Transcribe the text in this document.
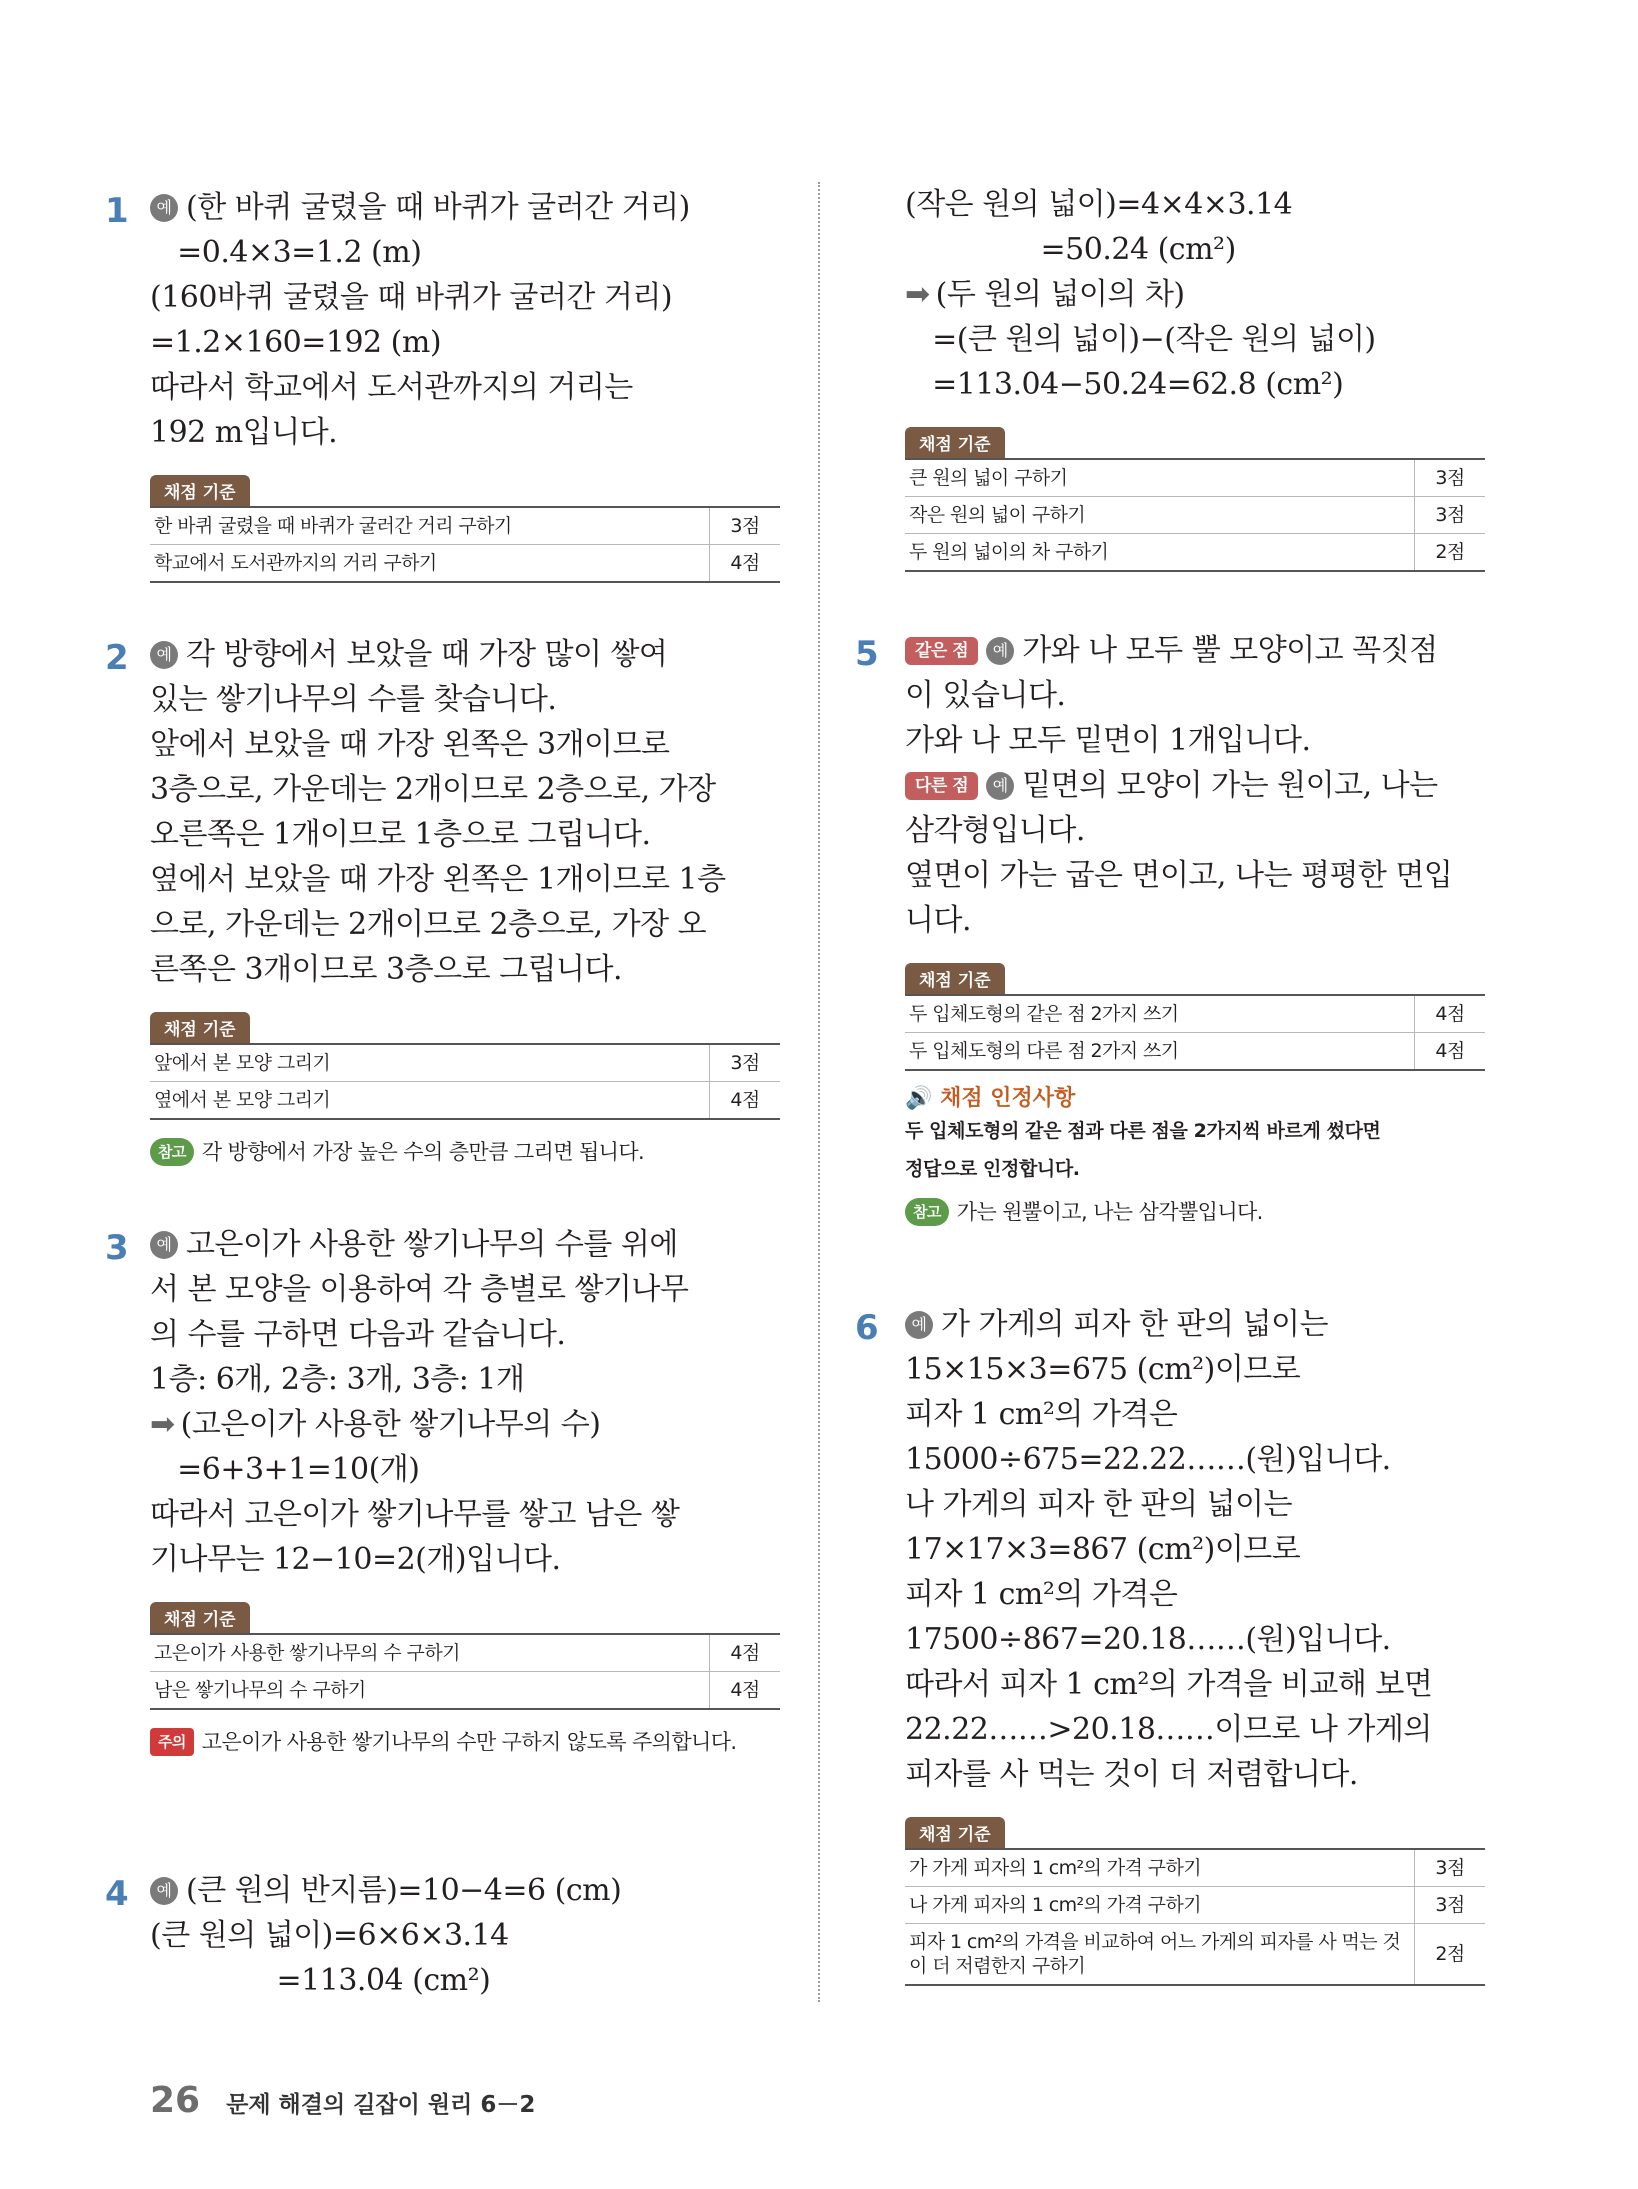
1	예 (한 바퀴 굴렸을 때 바퀴가 굴러간 거리)
=0.4×3=1.2 (m)
(160바퀴 굴렸을 때 바퀴가 굴러간 거리)
=1.2×160=192 (m)
따라서 학교에서 도서관까지의 거리는
192 m입니다.
채점 기준
한 바퀴 굴렸을 때 바퀴가 굴러간 거리 구하기	3점
학교에서 도서관까지의 거리 구하기	4점
2	예 각 방향에서 보았을 때 가장 많이 쌓여
있는 쌓기나무의 수를 찾습니다.
앞에서 보았을 때 가장 왼쪽은 3개이므로
3층으로, 가운데는 2개이므로 2층으로, 가장
오른쪽은 1개이므로 1층으로 그립니다.
옆에서 보았을 때 가장 왼쪽은 1개이므로 1층
으로, 가운데는 2개이므로 2층으로, 가장 오
른쪽은 3개이므로 3층으로 그립니다.
채점 기준
앞에서 본 모양 그리기	3점
옆에서 본 모양 그리기	4점
참고 각 방향에서 가장 높은 수의 층만큼 그리면 됩니다.
3	예 고은이가 사용한 쌓기나무의 수를 위에
서 본 모양을 이용하여 각 층별로 쌓기나무
의 수를 구하면 다음과 같습니다.
1층: 6개, 2층: 3개, 3층: 1개
➡ (고은이가 사용한 쌓기나무의 수)
=6+3+1=10(개)
따라서 고은이가 쌓기나무를 쌓고 남은 쌓
기나무는 12−10=2(개)입니다.
채점 기준
고은이가 사용한 쌓기나무의 수 구하기	4점
남은 쌓기나무의 수 구하기	4점
주의 고은이가 사용한 쌓기나무의 수만 구하지 않도록 주의합니다.
4	예 (큰 원의 반지름)=10−4=6 (cm)
(큰 원의 넓이)=6×6×3.14
=113.04 (cm²)
(작은 원의 넓이)=4×4×3.14
=50.24 (cm²)
➡ (두 원의 넓이의 차)
=(큰 원의 넓이)−(작은 원의 넓이)
=113.04−50.24=62.8 (cm²)
채점 기준
큰 원의 넓이 구하기	3점
작은 원의 넓이 구하기	3점
두 원의 넓이의 차 구하기	2점
5	같은 점 예 가와 나 모두 뿔 모양이고 꼭짓점
이 있습니다.
가와 나 모두 밑면이 1개입니다.
다른 점 예 밑면의 모양이 가는 원이고, 나는
삼각형입니다.
옆면이 가는 굽은 면이고, 나는 평평한 면입
니다.
채점 기준
두 입체도형의 같은 점 2가지 쓰기	4점
두 입체도형의 다른 점 2가지 쓰기	4점
🔊 채점 인정사항
두 입체도형의 같은 점과 다른 점을 2가지씩 바르게 썼다면
정답으로 인정합니다.
참고 가는 원뿔이고, 나는 삼각뿔입니다.
6	예 가 가게의 피자 한 판의 넓이는
15×15×3=675 (cm²)이므로
피자 1 cm²의 가격은
15000÷675=22.22……(원)입니다.
나 가게의 피자 한 판의 넓이는
17×17×3=867 (cm²)이므로
피자 1 cm²의 가격은
17500÷867=20.18……(원)입니다.
따라서 피자 1 cm²의 가격을 비교해 보면
22.22……>20.18……이므로 나 가게의
피자를 사 먹는 것이 더 저렴합니다.
채점 기준
가 가게 피자의 1 cm²의 가격 구하기	3점
나 가게 피자의 1 cm²의 가격 구하기	3점
피자 1 cm²의 가격을 비교하여 어느 가게의 피자를 사 먹는 것이 더 저렴한지 구하기	2점
26 문제 해결의 길잡이 원리 6－2
